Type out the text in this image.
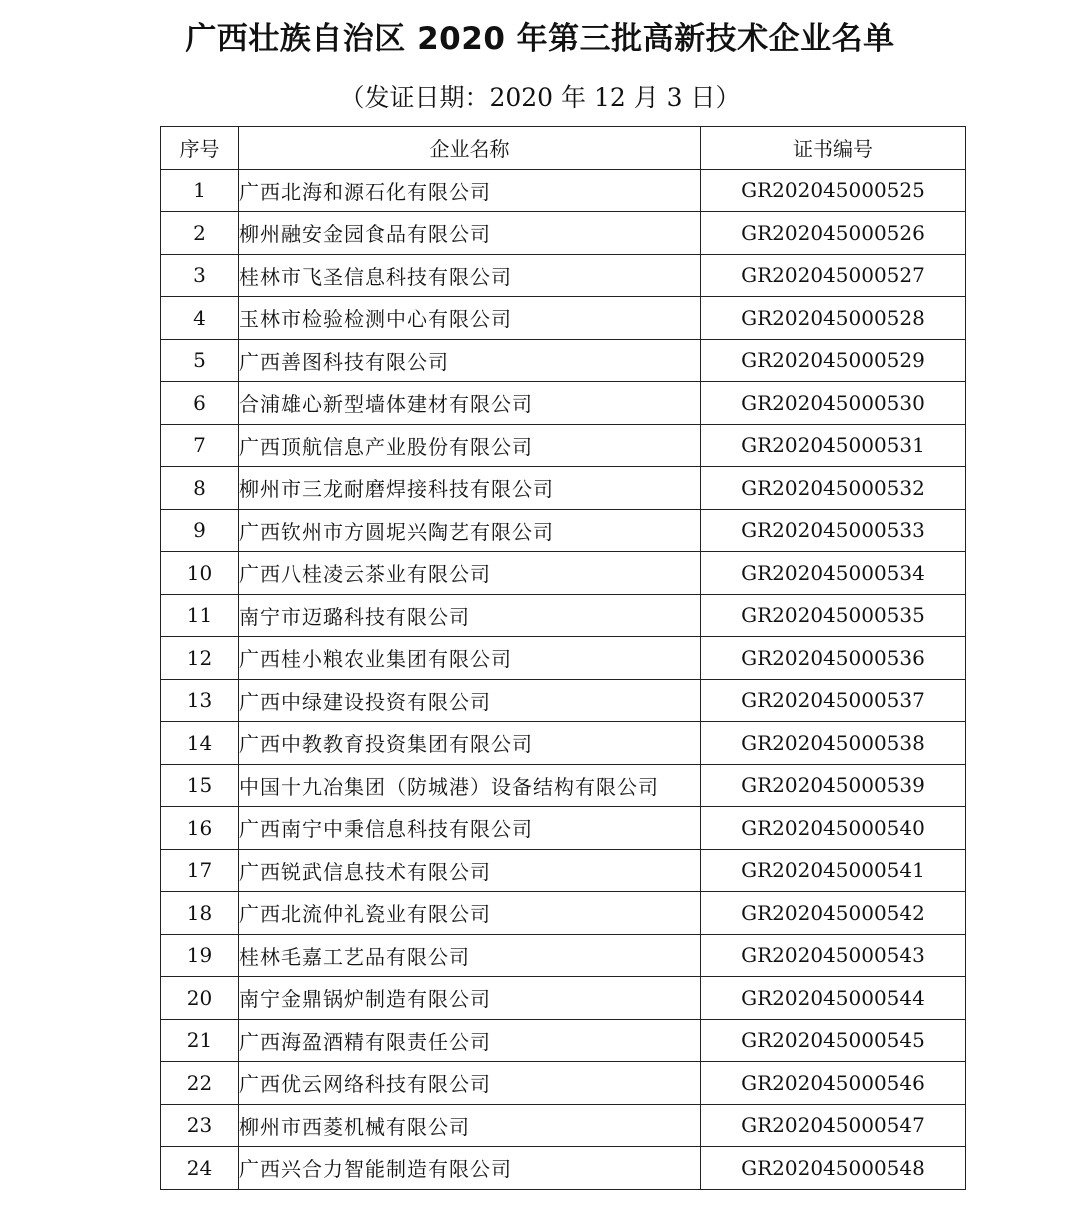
广西壮族自治区 2020 年第三批高新技术企业名单

（发证日期：2020 年 12 月 3 日）

序号	企业名称	证书编号
1	广西北海和源石化有限公司	GR202045000525
2	柳州融安金园食品有限公司	GR202045000526
3	桂林市飞圣信息科技有限公司	GR202045000527
4	玉林市检验检测中心有限公司	GR202045000528
5	广西善图科技有限公司	GR202045000529
6	合浦雄心新型墙体建材有限公司	GR202045000530
7	广西顶航信息产业股份有限公司	GR202045000531
8	柳州市三龙耐磨焊接科技有限公司	GR202045000532
9	广西钦州市方圆坭兴陶艺有限公司	GR202045000533
10	广西八桂凌云茶业有限公司	GR202045000534
11	南宁市迈璐科技有限公司	GR202045000535
12	广西桂小粮农业集团有限公司	GR202045000536
13	广西中绿建设投资有限公司	GR202045000537
14	广西中教教育投资集团有限公司	GR202045000538
15	中国十九冶集团（防城港）设备结构有限公司	GR202045000539
16	广西南宁中秉信息科技有限公司	GR202045000540
17	广西锐武信息技术有限公司	GR202045000541
18	广西北流仲礼瓷业有限公司	GR202045000542
19	桂林毛嘉工艺品有限公司	GR202045000543
20	南宁金鼎锅炉制造有限公司	GR202045000544
21	广西海盈酒精有限责任公司	GR202045000545
22	广西优云网络科技有限公司	GR202045000546
23	柳州市西菱机械有限公司	GR202045000547
24	广西兴合力智能制造有限公司	GR202045000548
